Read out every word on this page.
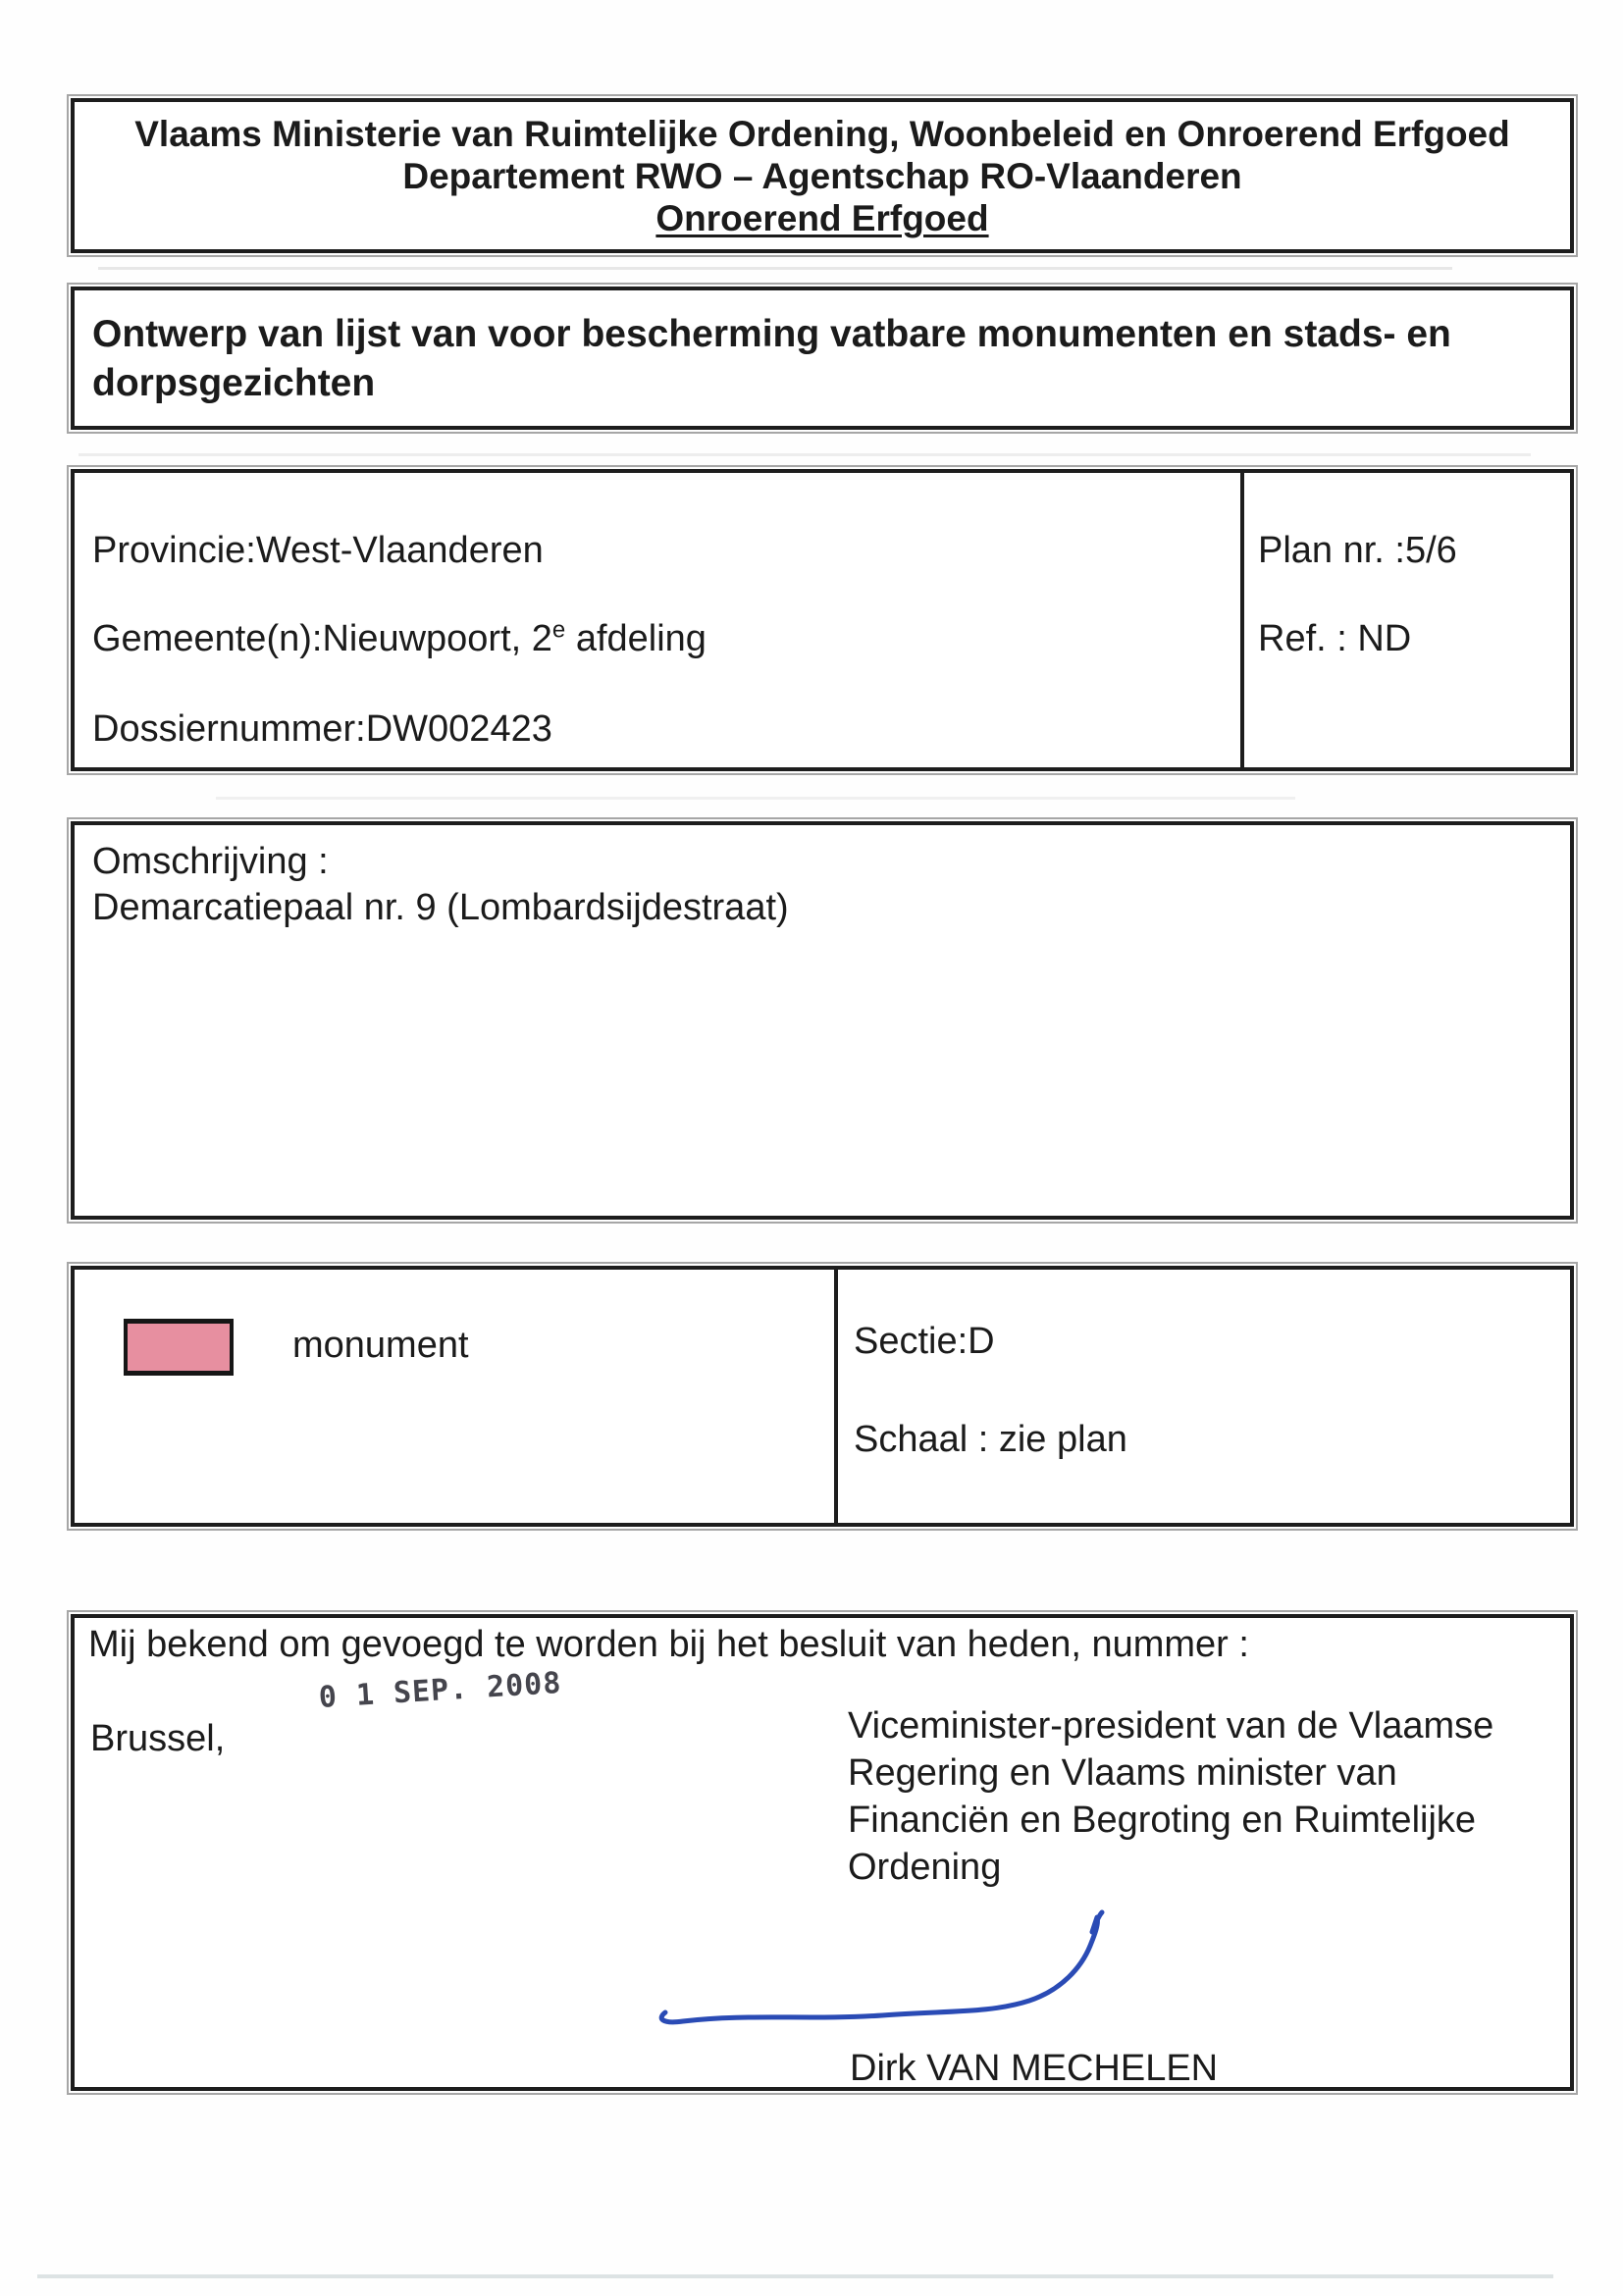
Vlaams Ministerie van Ruimtelijke Ordening, Woonbeleid en Onroerend Erfgoed
Departement RWO – Agentschap RO-Vlaanderen
Onroerend Erfgoed
Ontwerp van lijst van voor bescherming vatbare monumenten en stads- en
dorpsgezichten
Provincie:West-Vlaanderen
Gemeente(n):Nieuwpoort, 2e afdeling
Dossiernummer:DW002423
Plan nr. :5/6
Ref. : ND
Omschrijving :
Demarcatiepaal nr. 9 (Lombardsijdestraat)
monument	Sectie:D
Schaal : zie plan
Mij bekend om gevoegd te worden bij het besluit van heden, nummer :
Brussel,
0 1 SEP. 2008
Viceminister-president van de Vlaamse
Regering en Vlaams minister van
Financiën en Begroting en Ruimtelijke
Ordening
Dirk VAN MECHELEN
